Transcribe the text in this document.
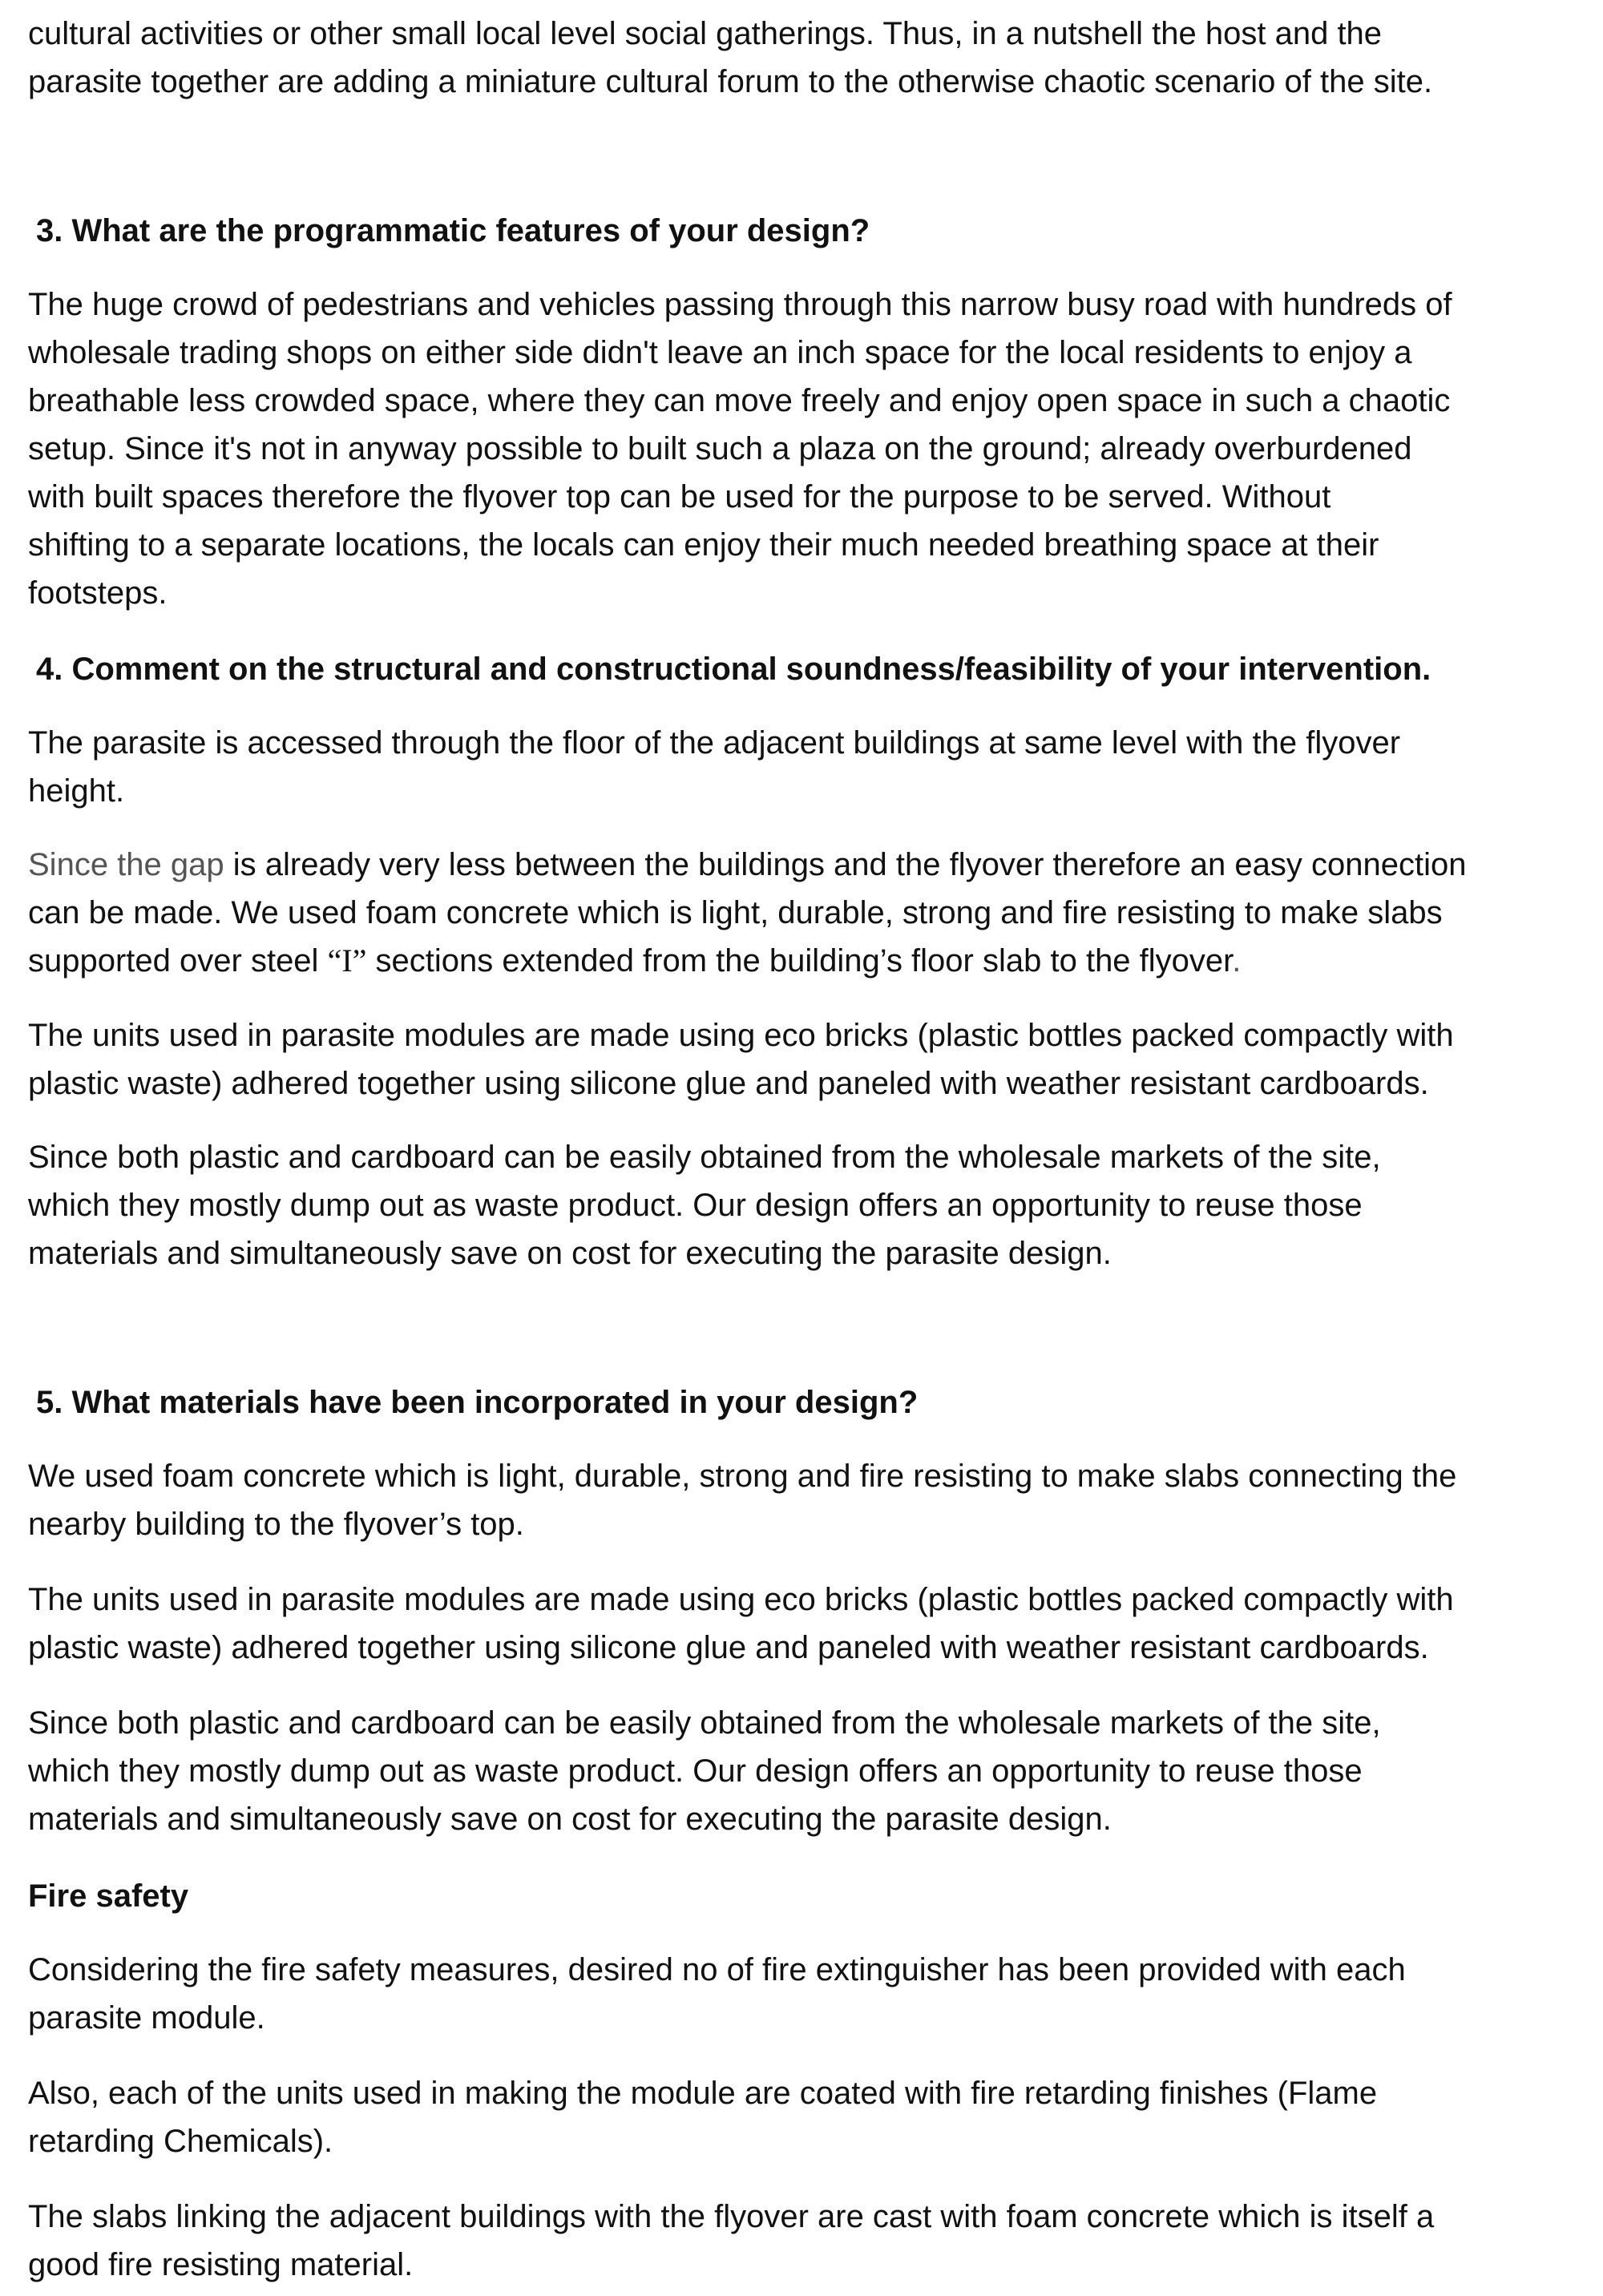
cultural activities or other small local level social gatherings. Thus, in a nutshell the host and the

parasite together are adding a miniature cultural forum to the otherwise chaotic scenario of the site.

3. What are the programmatic features of your design?

The huge crowd of pedestrians and vehicles passing through this narrow busy road with hundreds of

wholesale trading shops on either side didn't leave an inch space for the local residents to enjoy a

breathable less crowded space, where they can move freely and enjoy open space in such a chaotic

setup. Since it's not in anyway possible to built such a plaza on the ground; already overburdened

with built spaces therefore the flyover top can be used for the purpose to be served. Without

shifting to a separate locations, the locals can enjoy their much needed breathing space at their

footsteps.

4. Comment on the structural and constructional soundness/feasibility of your intervention.

The parasite is accessed through the floor of the adjacent buildings at same level with the flyover

height.

Since the gap is already very less between the buildings and the flyover therefore an easy connection

can be made. We used foam concrete which is light, durable, strong and fire resisting to make slabs

supported over steel “I” sections extended from the building’s floor slab to the flyover.

The units used in parasite modules are made using eco bricks (plastic bottles packed compactly with

plastic waste) adhered together using silicone glue and paneled with weather resistant cardboards.

Since both plastic and cardboard can be easily obtained from the wholesale markets of the site,

which they mostly dump out as waste product. Our design offers an opportunity to reuse those

materials and simultaneously save on cost for executing the parasite design.

5. What materials have been incorporated in your design?

We used foam concrete which is light, durable, strong and fire resisting to make slabs connecting the

nearby building to the flyover’s top.

The units used in parasite modules are made using eco bricks (plastic bottles packed compactly with

plastic waste) adhered together using silicone glue and paneled with weather resistant cardboards.

Since both plastic and cardboard can be easily obtained from the wholesale markets of the site,

which they mostly dump out as waste product. Our design offers an opportunity to reuse those

materials and simultaneously save on cost for executing the parasite design.

Fire safety

Considering the fire safety measures, desired no of fire extinguisher has been provided with each

parasite module.

Also, each of the units used in making the module are coated with fire retarding finishes (Flame

retarding Chemicals).

The slabs linking the adjacent buildings with the flyover are cast with foam concrete which is itself a

good fire resisting material.
